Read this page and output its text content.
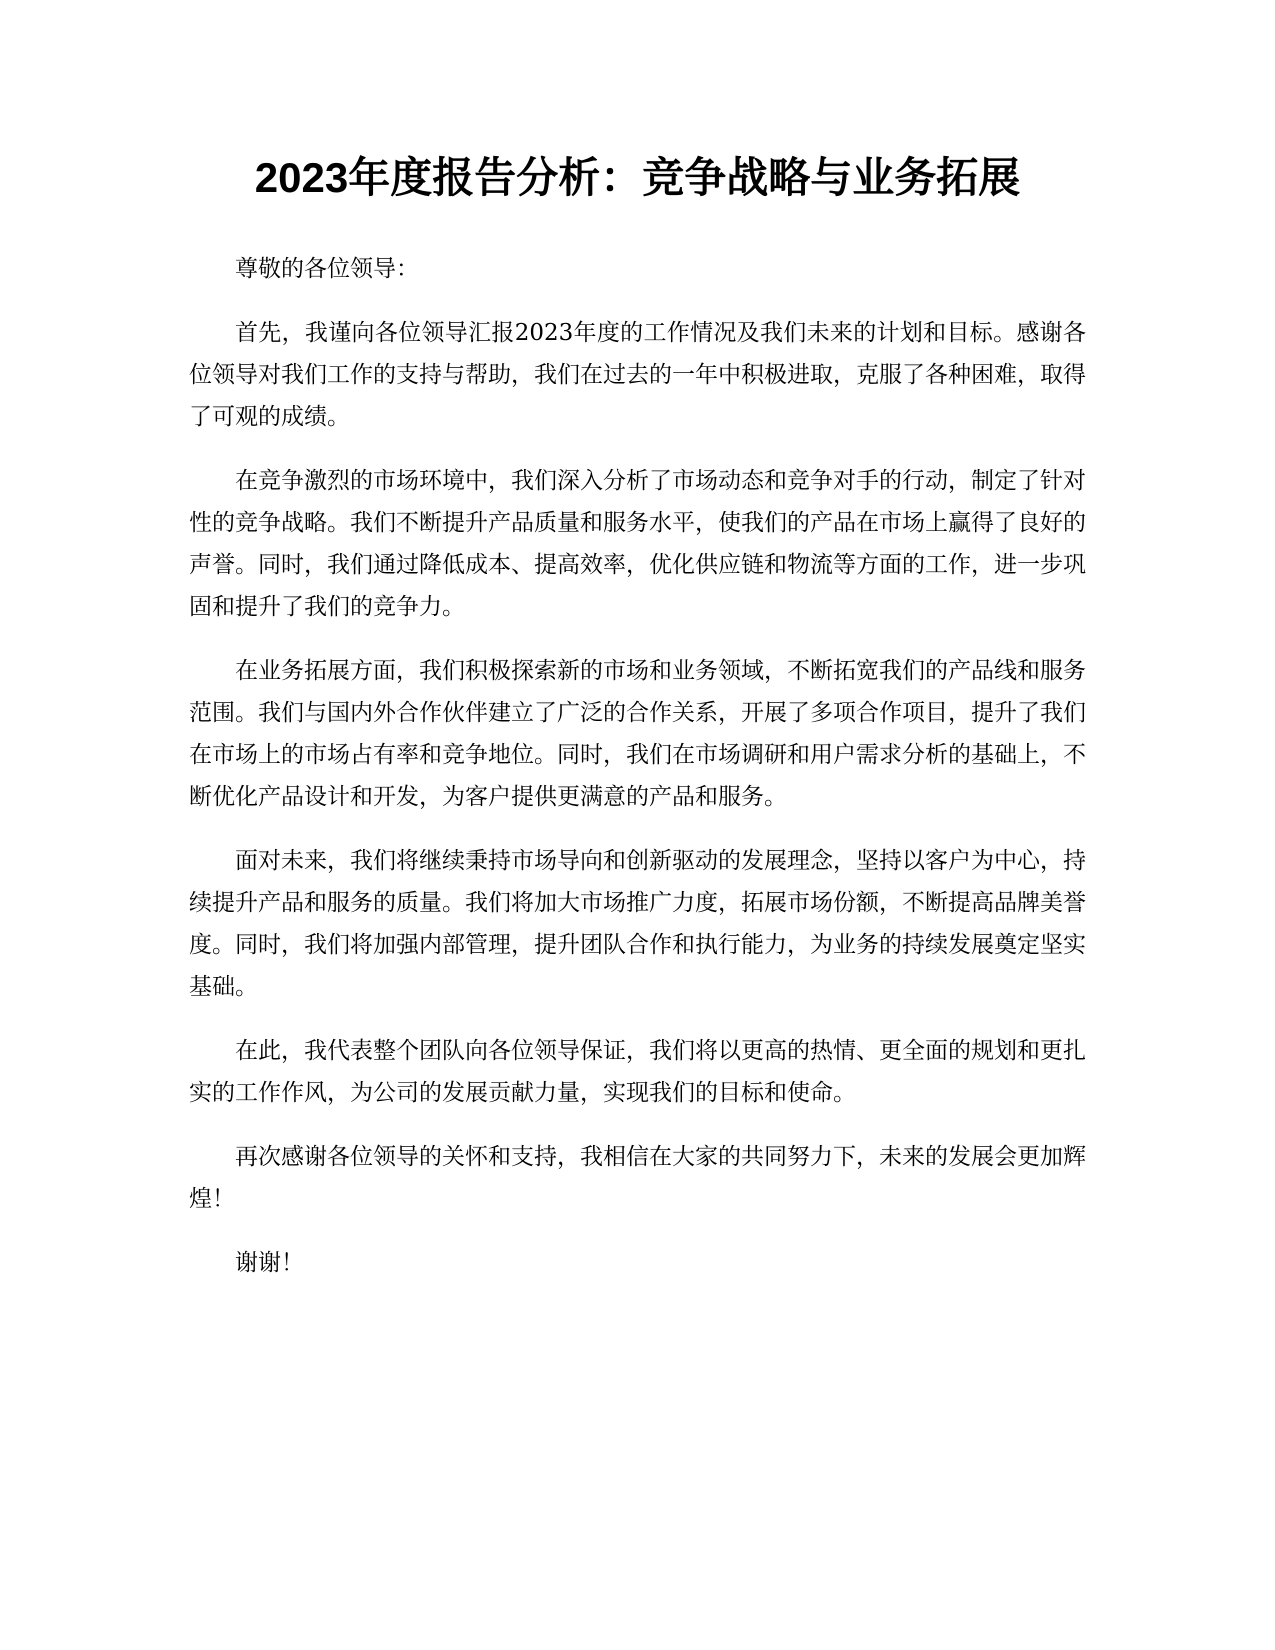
2023年度报告分析：竞争战略与业务拓展

尊敬的各位领导：

首先，我谨向各位领导汇报2023年度的工作情况及我们未来的计划和目标。感谢各位领导对我们工作的支持与帮助，我们在过去的一年中积极进取，克服了各种困难，取得了可观的成绩。

在竞争激烈的市场环境中，我们深入分析了市场动态和竞争对手的行动，制定了针对性的竞争战略。我们不断提升产品质量和服务水平，使我们的产品在市场上赢得了良好的声誉。同时，我们通过降低成本、提高效率，优化供应链和物流等方面的工作，进一步巩固和提升了我们的竞争力。

在业务拓展方面，我们积极探索新的市场和业务领域，不断拓宽我们的产品线和服务范围。我们与国内外合作伙伴建立了广泛的合作关系，开展了多项合作项目，提升了我们在市场上的市场占有率和竞争地位。同时，我们在市场调研和用户需求分析的基础上，不断优化产品设计和开发，为客户提供更满意的产品和服务。

面对未来，我们将继续秉持市场导向和创新驱动的发展理念，坚持以客户为中心，持续提升产品和服务的质量。我们将加大市场推广力度，拓展市场份额，不断提高品牌美誉度。同时，我们将加强内部管理，提升团队合作和执行能力，为业务的持续发展奠定坚实基础。

在此，我代表整个团队向各位领导保证，我们将以更高的热情、更全面的规划和更扎实的工作作风，为公司的发展贡献力量，实现我们的目标和使命。

再次感谢各位领导的关怀和支持，我相信在大家的共同努力下，未来的发展会更加辉煌！

谢谢！
